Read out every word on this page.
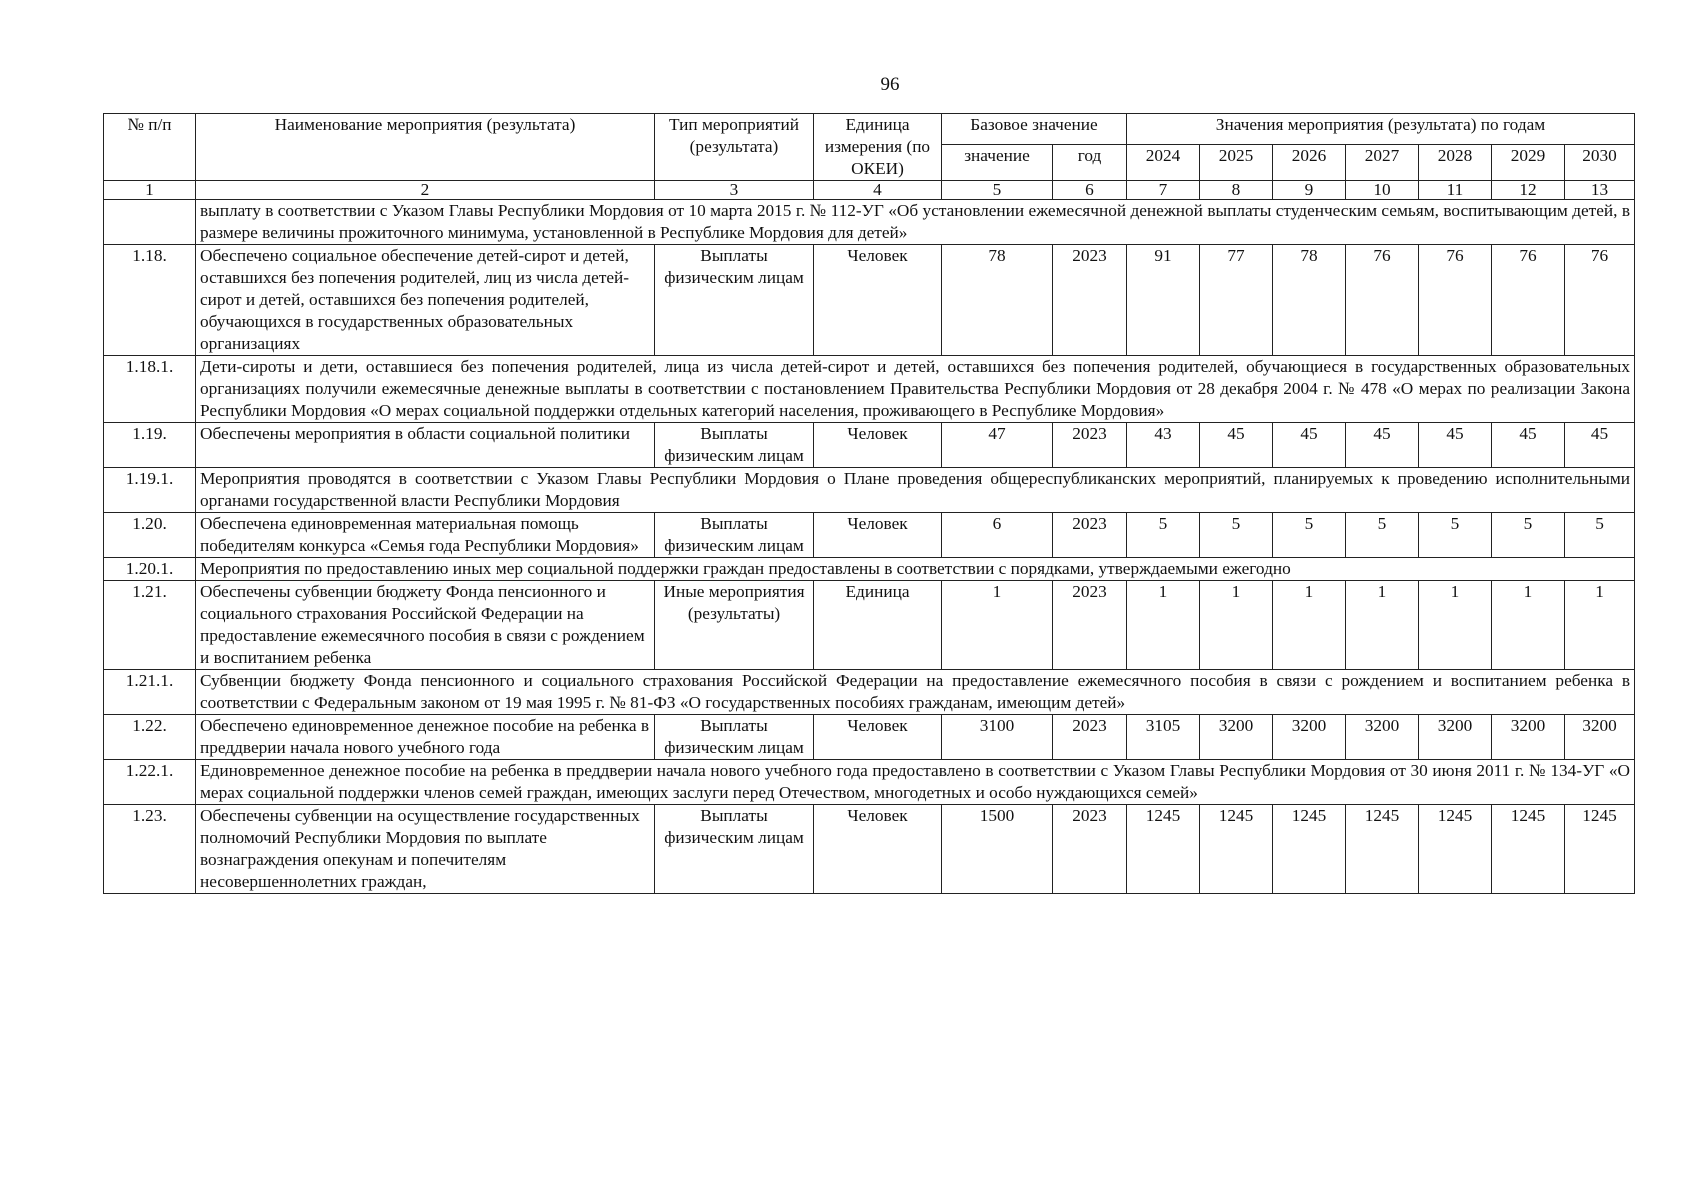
96
№ п/п	Наименование мероприятия (результата)	Тип мероприятий (результата)	Единица измерения (по ОКЕИ)	Базовое значение		Значения мероприятия (результата) по годам						
				значение	год	2024	2025	2026	2027	2028	2029	2030
1	2	3	4	5	6	7	8	9	10	11	12	13
	выплату в соответствии с Указом Главы Республики Мордовия от 10 марта 2015 г. № 112-УГ «Об установлении ежемесячной денежной выплаты студенческим семьям, воспитывающим детей, в размере величины прожиточного минимума, установленной в Республике Мордовия для детей»											
1.18.	Обеспечено социальное обеспечение детей-сирот и детей, оставшихся без попечения родителей, лиц из числа детей-сирот и детей, оставшихся без попечения родителей, обучающихся в государственных образовательных организациях	Выплаты физическим лицам	Человек	78	2023	91	77	78	76	76	76	76
1.18.1.	Дети-сироты и дети, оставшиеся без попечения родителей, лица из числа детей-сирот и детей, оставшихся без попечения родителей, обучающиеся в государственных образовательных организациях получили ежемесячные денежные выплаты в соответствии с постановлением Правительства Республики Мордовия от 28 декабря 2004 г. № 478 «О мерах по реализации Закона Республики Мордовия «О мерах социальной поддержки отдельных категорий населения, проживающего в Республике Мордовия»											
1.19.	Обеспечены мероприятия в области социальной политики	Выплаты физическим лицам	Человек	47	2023	43	45	45	45	45	45	45
1.19.1.	Мероприятия проводятся в соответствии с Указом Главы Республики Мордовия о Плане проведения общереспубликанских мероприятий, планируемых к проведению исполнительными органами государственной власти Республики Мордовия											
1.20.	Обеспечена единовременная материальная помощь победителям конкурса «Семья года Республики Мордовия»	Выплаты физическим лицам	Человек	6	2023	5	5	5	5	5	5	5
1.20.1.	Мероприятия по предоставлению иных мер социальной поддержки граждан предоставлены в соответствии с порядками, утверждаемыми ежегодно											
1.21.	Обеспечены субвенции бюджету Фонда пенсионного и социального страхования Российской Федерации на предоставление ежемесячного пособия в связи с рождением и воспитанием ребенка	Иные мероприятия (результаты)	Единица	1	2023	1	1	1	1	1	1	1
1.21.1.	Субвенции бюджету Фонда пенсионного и социального страхования Российской Федерации на предоставление ежемесячного пособия в связи с рождением и воспитанием ребенка в соответствии с Федеральным законом от 19 мая 1995 г. № 81-ФЗ «О государственных пособиях гражданам, имеющим детей»											
1.22.	Обеспечено единовременное денежное пособие на ребенка в преддверии начала нового учебного года	Выплаты физическим лицам	Человек	3100	2023	3105	3200	3200	3200	3200	3200	3200
1.22.1.	Единовременное денежное пособие на ребенка в преддверии начала нового учебного года предоставлено в соответствии с Указом Главы Республики Мордовия от 30 июня 2011 г. № 134-УГ «О мерах социальной поддержки членов семей граждан, имеющих заслуги перед Отечеством, многодетных и особо нуждающихся семей»											
1.23.	Обеспечены субвенции на осуществление государственных полномочий Республики Мордовия по выплате вознаграждения опекунам и попечителям несовершеннолетних граждан,	Выплаты физическим лицам	Человек	1500	2023	1245	1245	1245	1245	1245	1245	1245
